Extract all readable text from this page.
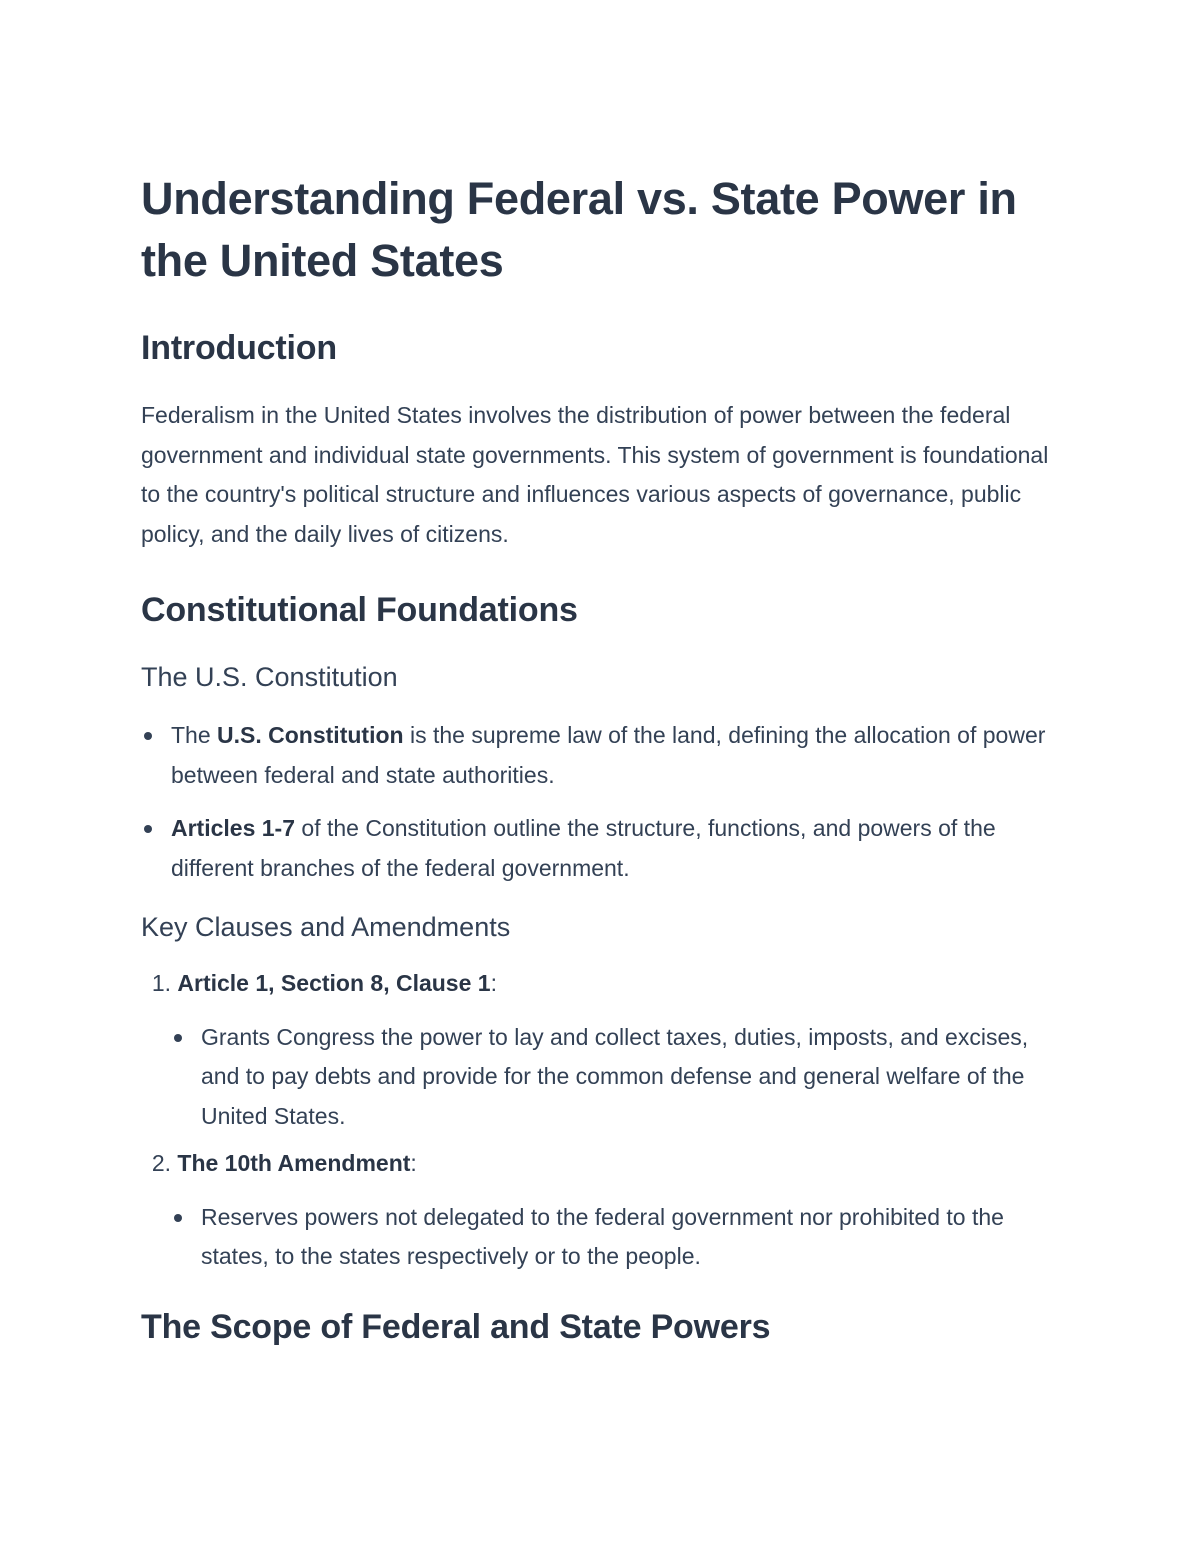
Understanding Federal vs. State Power in the United States
Introduction

Federalism in the United States involves the distribution of power between the federal government and individual state governments. This system of government is foundational to the country's political structure and influences various aspects of governance, public policy, and the daily lives of citizens.

Constitutional Foundations
The U.S. Constitution
The U.S. Constitution is the supreme law of the land, defining the allocation of power between federal and state authorities.
Articles 1-7 of the Constitution outline the structure, functions, and powers of the different branches of the federal government.
Key Clauses and Amendments
1. Article 1, Section 8, Clause 1:
Grants Congress the power to lay and collect taxes, duties, imposts, and excises, and to pay debts and provide for the common defense and general welfare of the United States.
2. The 10th Amendment:
Reserves powers not delegated to the federal government nor prohibited to the states, to the states respectively or to the people.
The Scope of Federal and State Powers
